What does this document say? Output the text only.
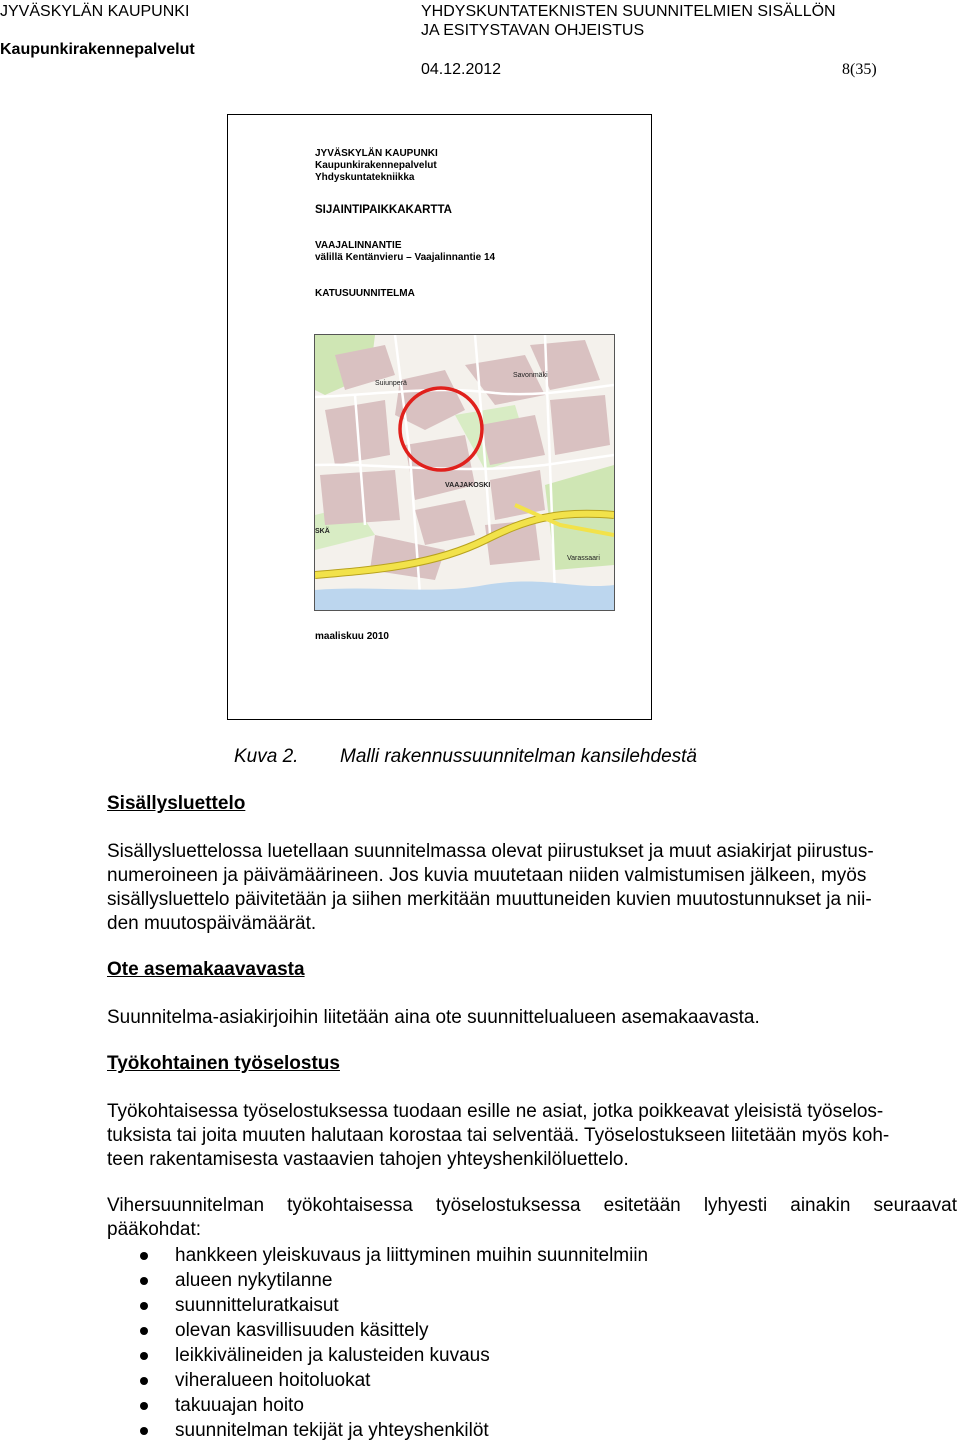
JYVÄSKYLÄN KAUPUNKI
Kaupunkirakennepalvelut
YHDYSKUNTATEKNISTEN SUUNNITELMIEN SISÄLLÖN
JA ESITYSTAVAN OHJEISTUS
04.12.2012	8(35)
JYVÄSKYLÄN KAUPUNKI
Kaupunkirakennepalvelut
Yhdyskuntatekniikka
SIJAINTIPAIKKAKARTTA
VAAJALINNANTIE
välillä Kentänvieru – Vaajalinnantie 14
KATUSUUNNITELMA
Suiunperä
Savonmäki
VAAJAKOSKI
SKÄ
Varassaari
maaliskuu 2010
Kuva 2. Malli rakennussuunnitelman kansilehdestä
Sisällysluettelo
Sisällysluettelossa luetellaan suunnitelmassa olevat piirustukset ja muut asiakirjat piirustus-
numeroineen ja päivämäärineen. Jos kuvia muutetaan niiden valmistumisen jälkeen, myös
sisällysluettelo päivitetään ja siihen merkitään muuttuneiden kuvien muutostunnukset ja nii-
den muutospäivämäärät.
Ote asemakaavavasta
Suunnitelma-asiakirjoihin liitetään aina ote suunnittelualueen asemakaavasta.
Työkohtainen työselostus
Työkohtaisessa työselostuksessa tuodaan esille ne asiat, jotka poikkeavat yleisistä työselos-
tuksista tai joita muuten halutaan korostaa tai selventää. Työselostukseen liitetään myös koh-
teen rakentamisesta vastaavien tahojen yhteyshenkilöluettelo.
Vihersuunnitelman työkohtaisessa työselostuksessa esitetään lyhyesti ainakin seuraavat
pääkohdat:
hankkeen yleiskuvaus ja liittyminen muihin suunnitelmiin
alueen nykytilanne
suunnitteluratkaisut
olevan kasvillisuuden käsittely
leikkivälineiden ja kalusteiden kuvaus
viheralueen hoitoluokat
takuuajan hoito
suunnitelman tekijät ja yhteyshenkilöt
